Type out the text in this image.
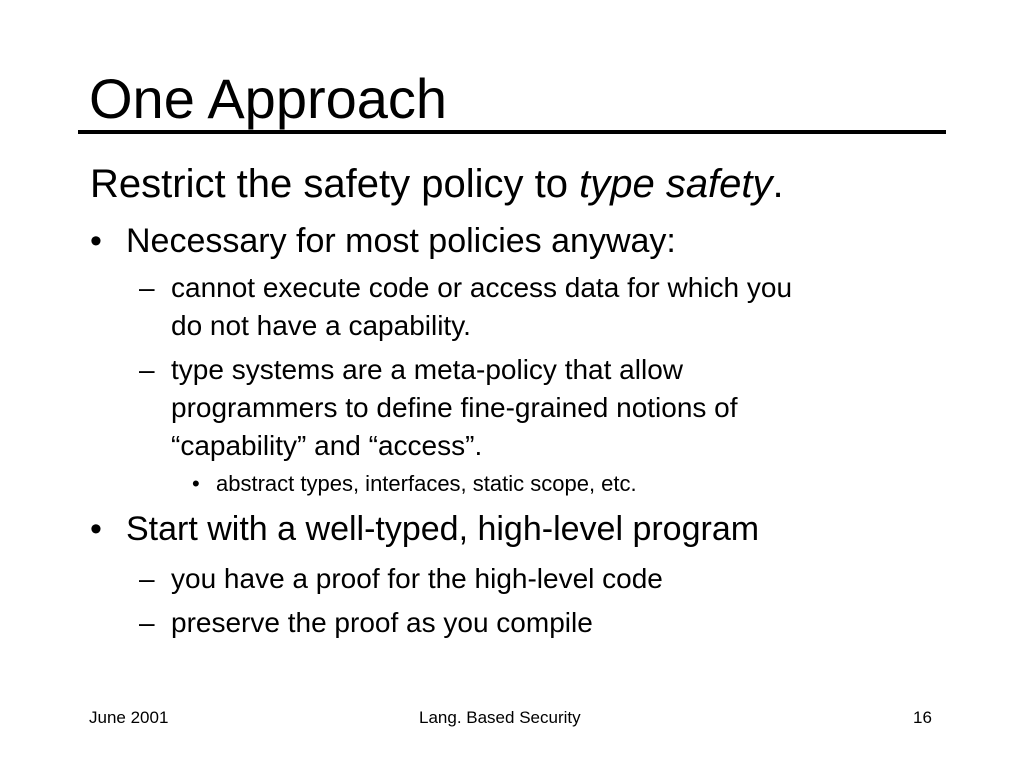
One Approach
Restrict the safety policy to type safety.
• Necessary for most policies anyway:
– cannot execute code or access data for which you
do not have a capability.
– type systems are a meta-policy that allow
programmers to define fine-grained notions of
“capability” and “access”.
• abstract types, interfaces, static scope, etc.
• Start with a well-typed, high-level program
– you have a proof for the high-level code
– preserve the proof as you compile
June 2001	Lang. Based Security	16
